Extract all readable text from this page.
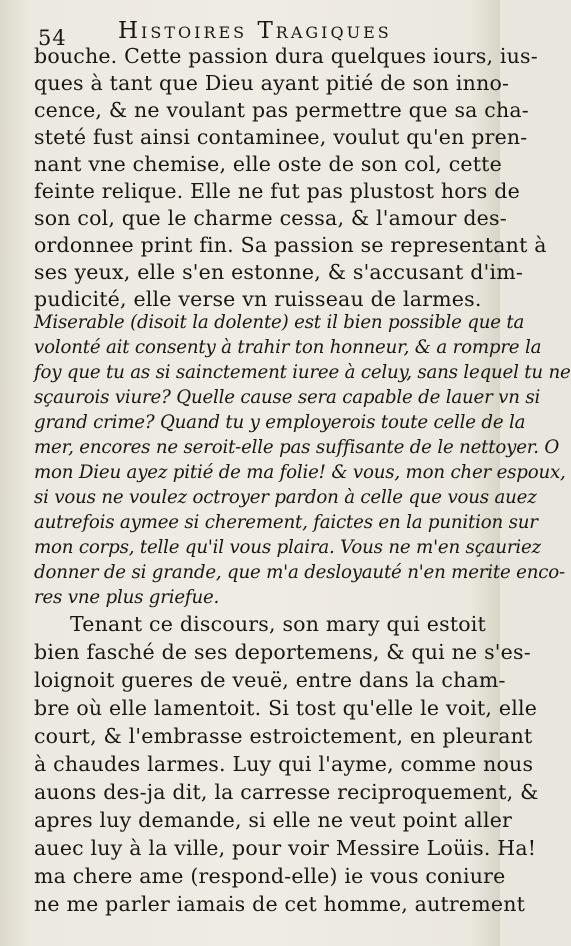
54 Histoires Tragiques
bouche. Cette passion dura quelques iours, ius-
ques à tant que Dieu ayant pitié de son inno-
cence, & ne voulant pas permettre que sa cha-
steté fust ainsi contaminee, voulut qu'en pren-
nant vne chemise, elle oste de son col, cette
feinte relique. Elle ne fut pas plustost hors de
son col, que le charme cessa, & l'amour des-
ordonnee print fin. Sa passion se representant à
ses yeux, elle s'en estonne, & s'accusant d'im-
pudicité, elle verse vn ruisseau de larmes.
Miserable (disoit la dolente) est il bien possible que ta
volonté ait consenty à trahir ton honneur, & a rompre la
foy que tu as si sainctement iuree à celuy, sans lequel tu ne
sçaurois viure? Quelle cause sera capable de lauer vn si
grand crime? Quand tu y employerois toute celle de la
mer, encores ne seroit-elle pas suffisante de le nettoyer. O
mon Dieu ayez pitié de ma folie! & vous, mon cher espoux,
si vous ne voulez octroyer pardon à celle que vous auez
autrefois aymee si cherement, faictes en la punition sur
mon corps, telle qu'il vous plaira. Vous ne m'en sçauriez
donner de si grande, que m'a desloyauté n'en merite enco-
res vne plus griefue.
Tenant ce discours, son mary qui estoit
bien fasché de ses deportemens, & qui ne s'es-
loignoit gueres de veuë, entre dans la cham-
bre où elle lamentoit. Si tost qu'elle le voit, elle
court, & l'embrasse estroictement, en pleurant
à chaudes larmes. Luy qui l'ayme, comme nous
auons des-ja dit, la carresse reciproquement, &
apres luy demande, si elle ne veut point aller
auec luy à la ville, pour voir Messire Loüis. Ha!
ma chere ame (respond-elle) ie vous coniure
ne me parler iamais de cet homme, autrement
